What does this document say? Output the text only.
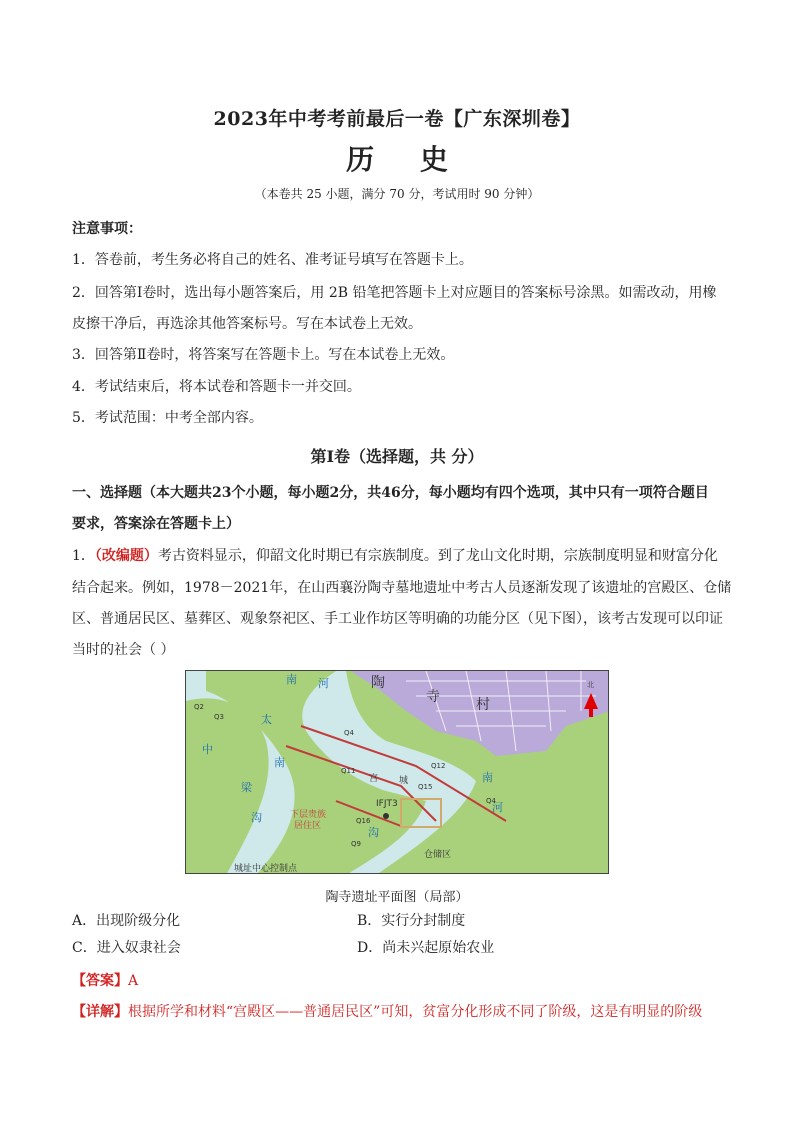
2023年中考考前最后一卷【广东深圳卷】
历 史
（本卷共 25 小题，满分 70 分，考试用时 90 分钟）
注意事项：
1．答卷前，考生务必将自己的姓名、准考证号填写在答题卡上。
2．回答第Ⅰ卷时，选出每小题答案后，用 2B 铅笔把答题卡上对应题目的答案标号涂黑。如需改动，用橡
皮擦干净后，再选涂其他答案标号。写在本试卷上无效。
3．回答第Ⅱ卷时，将答案写在答题卡上。写在本试卷上无效。
4．考试结束后，将本试卷和答题卡一并交回。
5．考试范围：中考全部内容。
第Ⅰ卷（选择题，共 分）
一、选择题（本大题共23个小题，每小题2分，共46分，每小题均有四个选项，其中只有一项符合题目
要求，答案涂在答题卡上）
1．（改编题）考古资料显示，仰韶文化时期已有宗族制度。到了龙山文化时期，宗族制度明显和财富分化
结合起来。例如，1978－2021年，在山西襄汾陶寺墓地遗址中考古人员逐渐发现了该遗址的宫殿区、仓储
区、普通居民区、墓葬区、观象祭祀区、手工业作坊区等明确的功能分区（见下图），该考古发现可以印证
当时的社会（ ）
南 河
太
中
梁
南
沟
沟
南
河
陶
寺	村
宫 城
IFJT3
下层贵族
居住区
仓储区
城址中心控制点
Q2
Q3
Q4
Q11
Q12
Q15
Q16
Q9
Q4
北
陶寺遗址平面图（局部）
A．出现阶级分化	B．实行分封制度
C．进入奴隶社会	D．尚未兴起原始农业
【答案】A
【详解】根据所学和材料“宫殿区——普通居民区”可知，贫富分化形成不同了阶级，这是有明显的阶级
